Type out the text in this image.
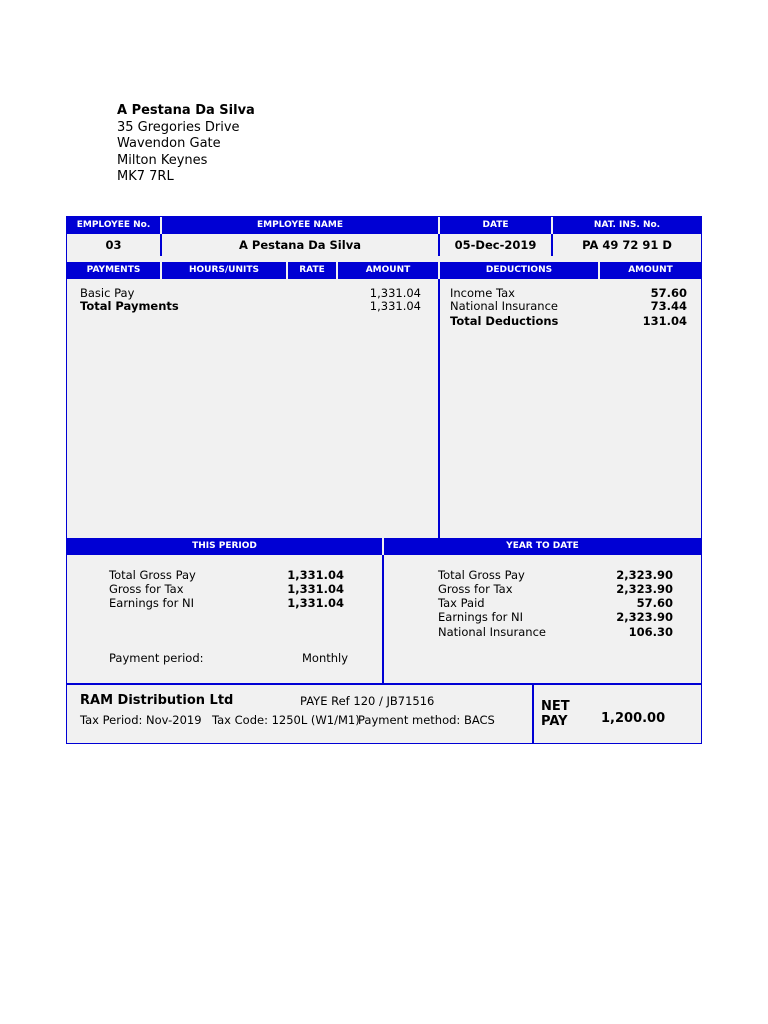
A Pestana Da Silva
35 Gregories Drive
Wavendon Gate
Milton Keynes
MK7 7RL
EMPLOYEE No.	EMPLOYEE NAME	DATE	NAT. INS. No.
03	A Pestana Da Silva	05-Dec-2019	PA 49 72 91 D
PAYMENTS	HOURS/UNITS	RATE	AMOUNT	DEDUCTIONS	AMOUNT
Basic Pay	1,331.04
Total Payments	1,331.04
Income Tax	57.60
National Insurance	73.44
Total Deductions	131.04
THIS PERIOD	YEAR TO DATE
Total Gross Pay	1,331.04
Gross for Tax	1,331.04
Earnings for NI	1,331.04
Payment period:	Monthly
Total Gross Pay	2,323.90
Gross for Tax	2,323.90
Tax Paid	57.60
Earnings for NI	2,323.90
National Insurance	106.30
RAM Distribution Ltd	PAYE Ref 120 / JB71516
Tax Period: Nov-2019 Tax Code: 1250L (W1/M1)
Payment method: BACS
NET
PAY	1,200.00
